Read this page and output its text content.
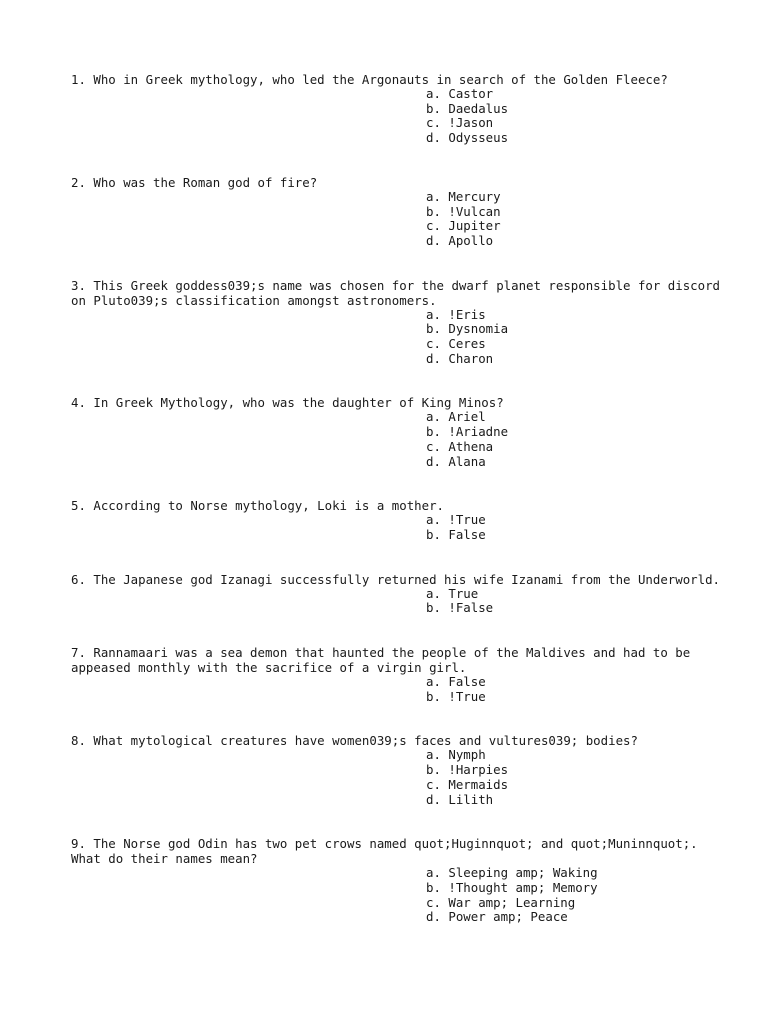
1. Who in Greek mythology, who led the Argonauts in search of the Golden Fleece?
a. Castor
b. Daedalus
c. !Jason
d. Odysseus
2. Who was the Roman god of fire?
a. Mercury
b. !Vulcan
c. Jupiter
d. Apollo
3. This Greek goddess039;s name was chosen for the dwarf planet responsible for discord on Pluto039;s classification amongst astronomers.
a. !Eris
b. Dysnomia
c. Ceres
d. Charon
4. In Greek Mythology, who was the daughter of King Minos?
a. Ariel
b. !Ariadne
c. Athena
d. Alana
5. According to Norse mythology, Loki is a mother.
a. !True
b. False
6. The Japanese god Izanagi successfully returned his wife Izanami from the Underworld.
a. True
b. !False
7. Rannamaari was a sea demon that haunted the people of the Maldives and had to be appeased monthly with the sacrifice of a virgin girl.
a. False
b. !True
8. What mytological creatures have women039;s faces and vultures039; bodies?
a. Nymph
b. !Harpies
c. Mermaids
d. Lilith
9. The Norse god Odin has two pet crows named quot;Huginnquot; and quot;Muninnquot;.  What do their names mean?
a. Sleeping amp; Waking
b. !Thought amp; Memory
c. War amp; Learning
d. Power amp; Peace
